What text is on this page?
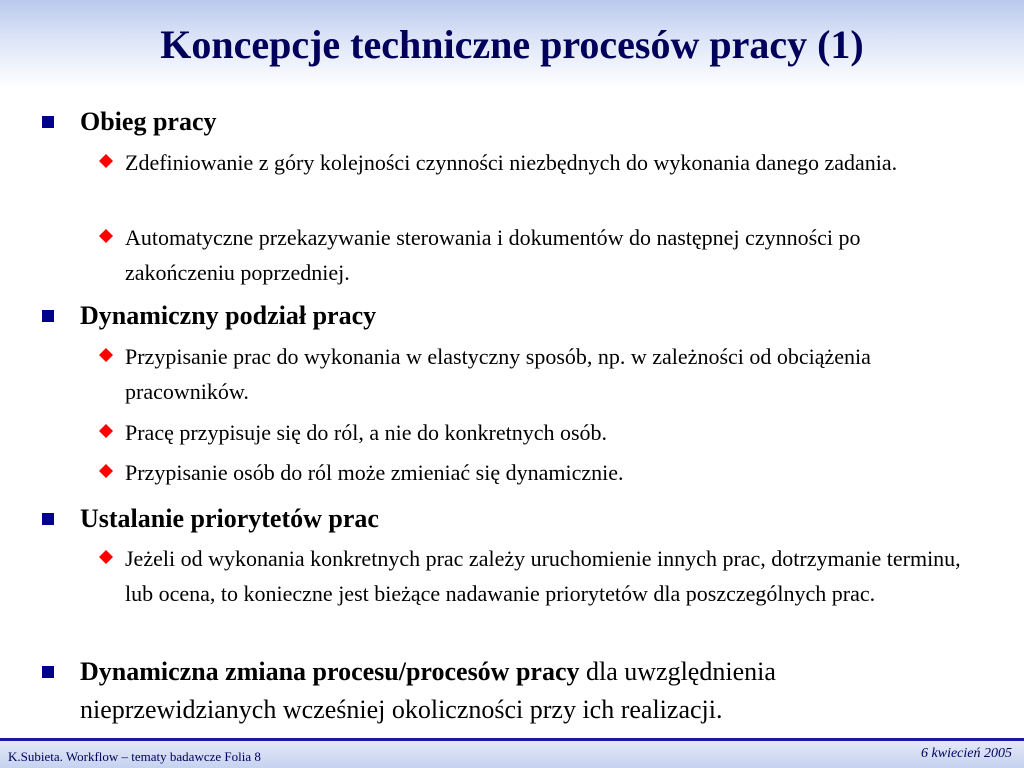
Koncepcje techniczne procesów pracy (1)
Obieg pracy
Zdefiniowanie z góry kolejności czynności niezbędnych do wykonania danego zadania.
Automatyczne przekazywanie sterowania i dokumentów do następnej czynności po zakończeniu poprzedniej.
Dynamiczny podział pracy
Przypisanie prac do wykonania w elastyczny sposób, np. w zależności od obciążenia pracowników.
Pracę przypisuje się do ról, a nie do konkretnych osób.
Przypisanie osób do ról może zmieniać się dynamicznie.
Ustalanie priorytetów prac
Jeżeli od wykonania konkretnych prac zależy uruchomienie innych prac, dotrzymanie terminu, lub ocena, to konieczne jest bieżące nadawanie priorytetów dla poszczególnych prac.
Dynamiczna zmiana procesu/procesów pracy dla uwzględnienia nieprzewidzianych wcześniej okoliczności przy ich realizacji.
K.Subieta. Workflow – tematy badawcze Folia 8	6 kwiecień 2005
